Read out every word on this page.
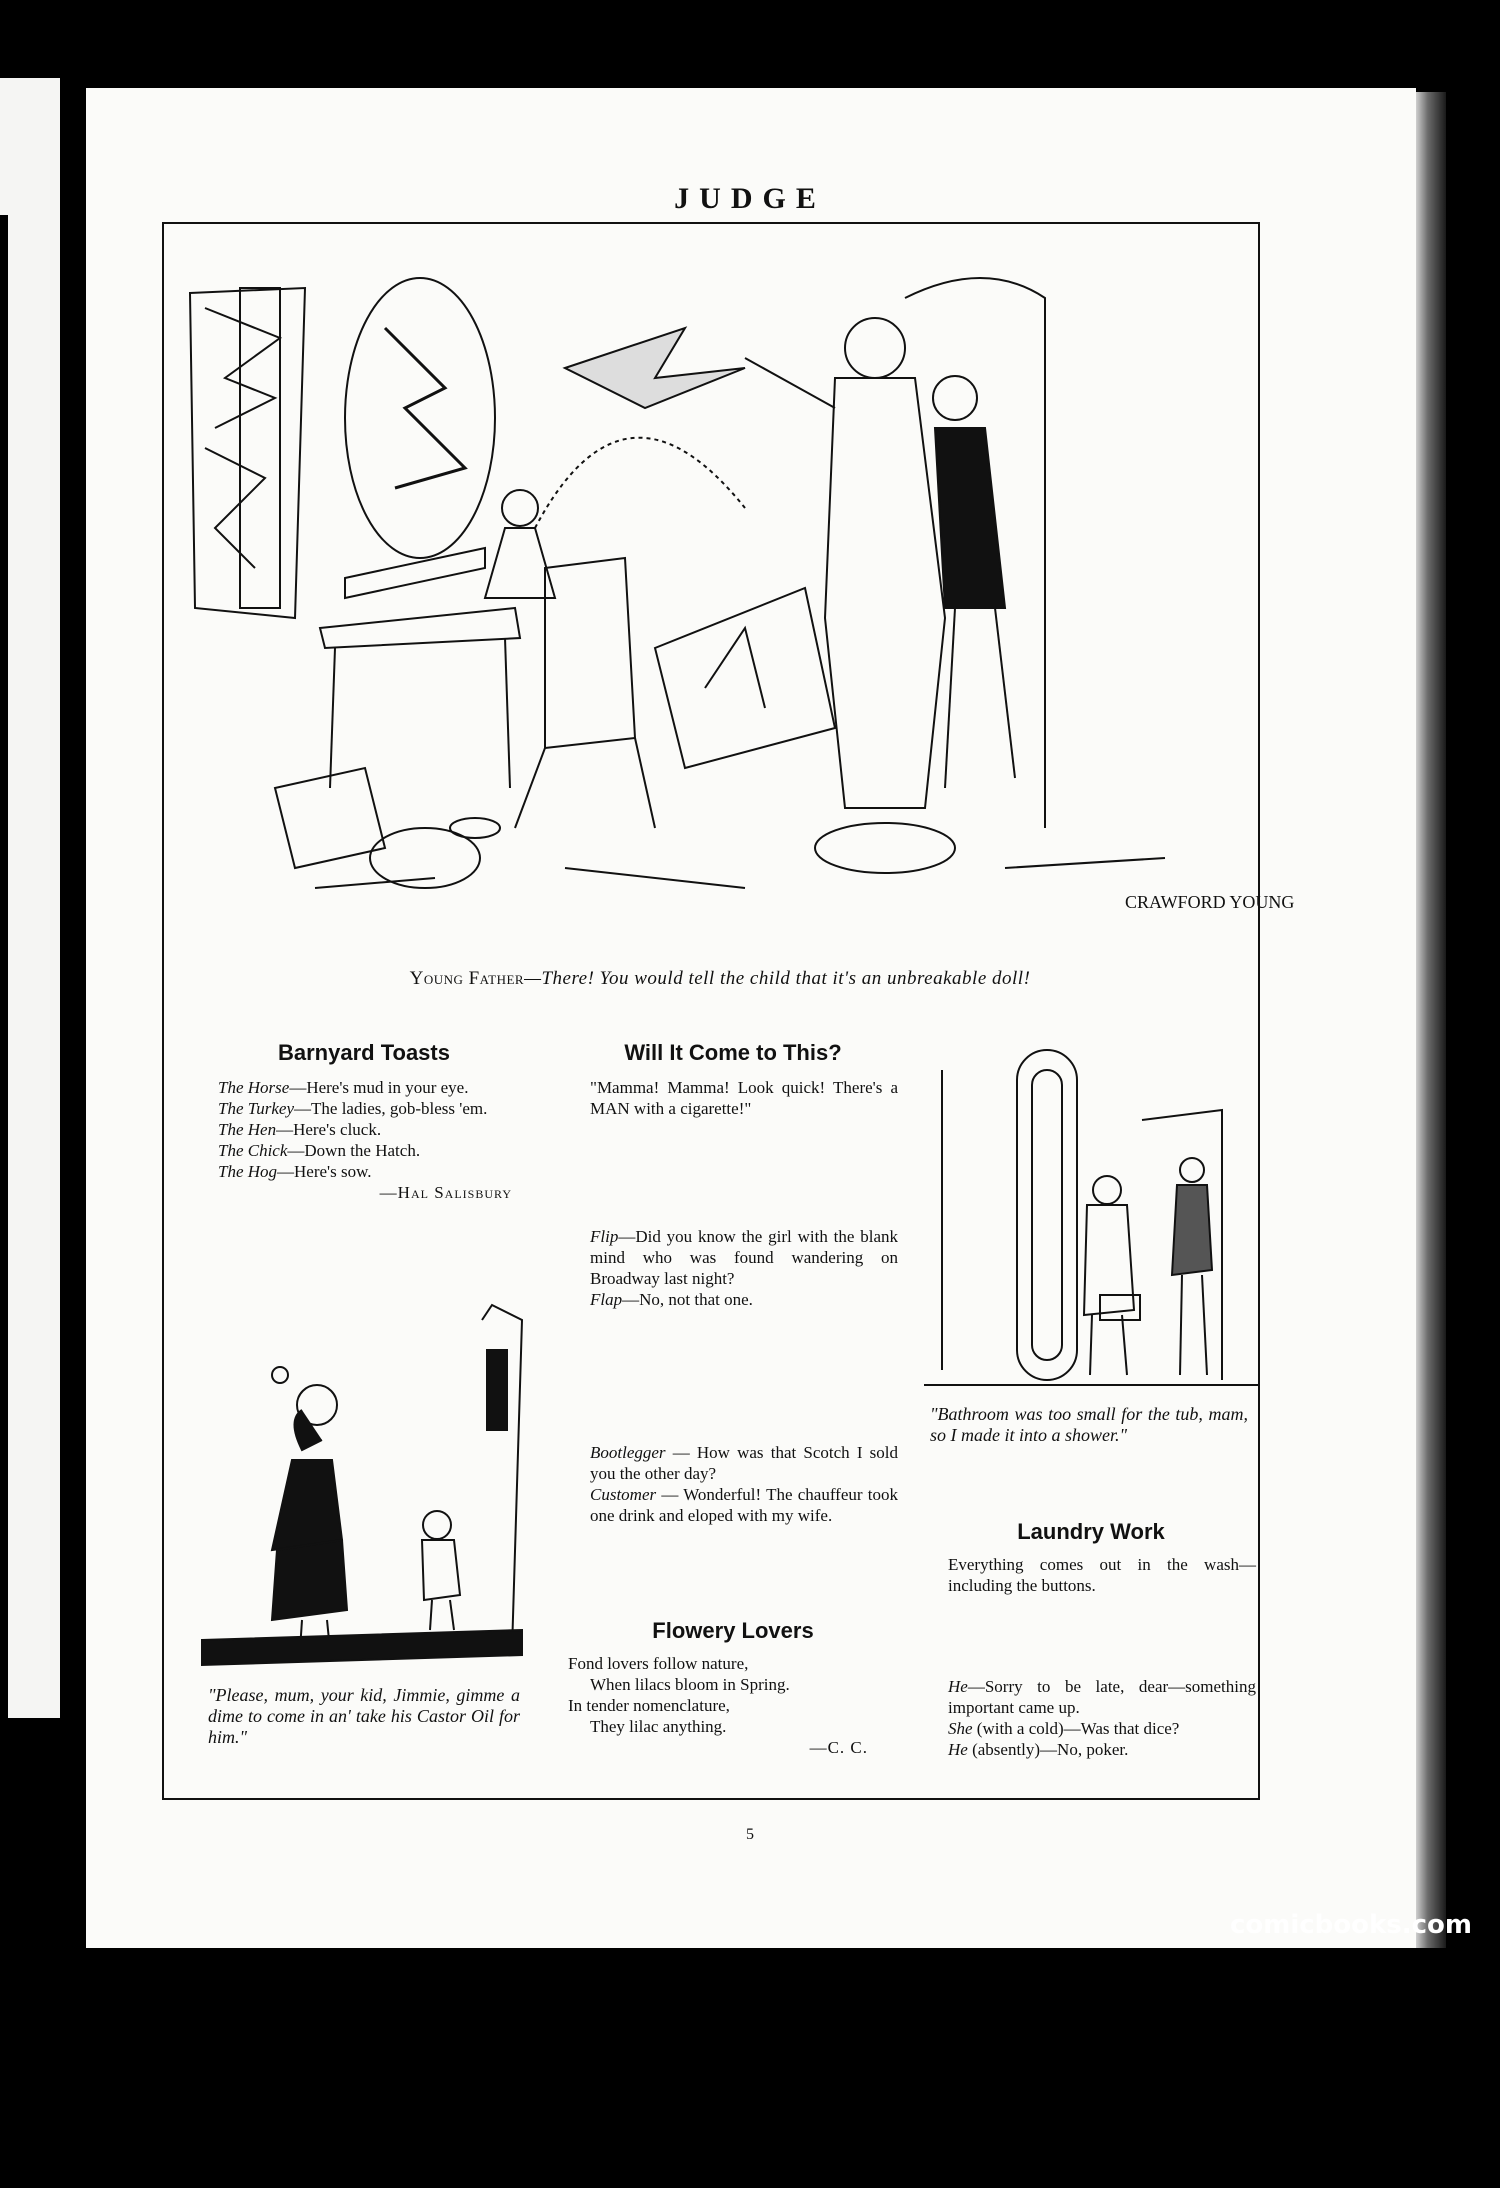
JUDGE
CRAWFORD YOUNG
Young Father—There! You would tell the child that it's an unbreakable doll!
Barnyard Toasts
The Horse—Here's mud in your eye.
The Turkey—The ladies, gob-bless 'em.
The Hen—Here's cluck.
The Chick—Down the Hatch.
The Hog—Here's sow.
—Hal Salisbury
"Please, mum, your kid, Jimmie, gimme a dime to come in an' take his Castor Oil for him."
Will It Come to This?
"Mamma! Mamma! Look quick! There's a MAN with a cigarette!"
Flip—Did you know the girl with the blank mind who was found wandering on Broadway last night?
Flap—No, not that one.
Bootlegger — How was that Scotch I sold you the other day?
Customer — Wonderful! The chauffeur took one drink and eloped with my wife.
Flowery Lovers
Fond lovers follow nature,
When lilacs bloom in Spring.
In tender nomenclature,
They lilac anything.
—C. C.
"Bathroom was too small for the tub, mam, so I made it into a shower."
Laundry Work
Everything comes out in the wash—including the buttons.
He—Sorry to be late, dear—something important came up.
She (with a cold)—Was that dice?
He (absently)—No, poker.
5
comicbooks.com
